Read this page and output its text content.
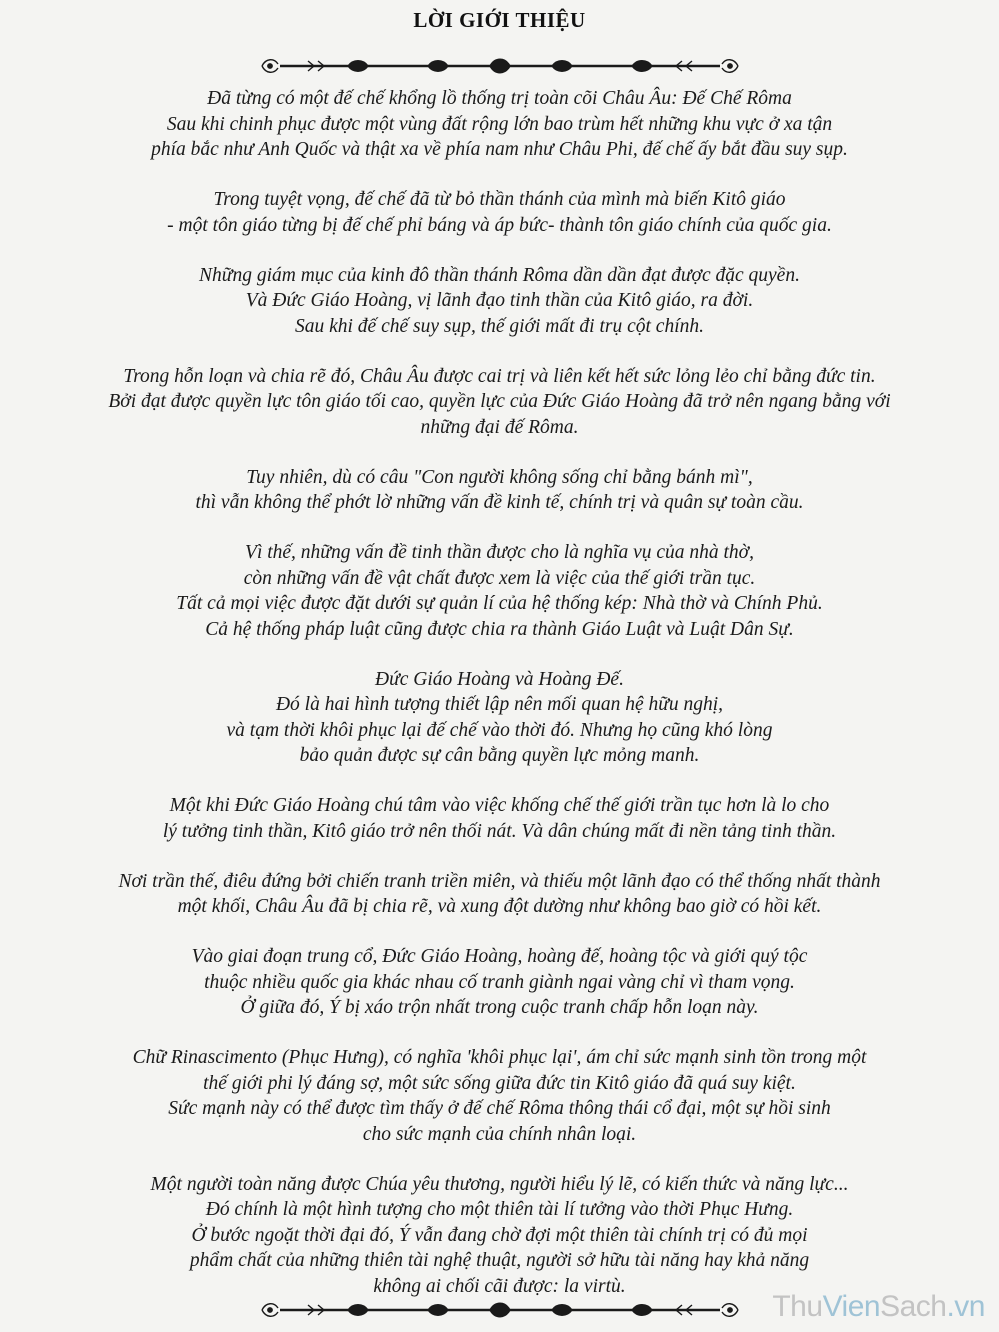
LỜI GIỚI THIỆU

Đã từng có một đế chế khổng lồ thống trị toàn cõi Châu Âu: Đế Chế Rôma
Sau khi chinh phục được một vùng đất rộng lớn bao trùm hết những khu vực ở xa tận
phía bắc như Anh Quốc và thật xa về phía nam như Châu Phi, đế chế ấy bắt đầu suy sụp.

Trong tuyệt vọng, đế chế đã từ bỏ thần thánh của mình mà biến Kitô giáo
- một tôn giáo từng bị đế chế phỉ báng và áp bức- thành tôn giáo chính của quốc gia.

Những giám mục của kinh đô thần thánh Rôma dần dần đạt được đặc quyền.
Và Đức Giáo Hoàng, vị lãnh đạo tinh thần của Kitô giáo, ra đời.
Sau khi đế chế suy sụp, thế giới mất đi trụ cột chính.

Trong hỗn loạn và chia rẽ đó, Châu Âu được cai trị và liên kết hết sức lỏng lẻo chỉ bằng đức tin.
Bởi đạt được quyền lực tôn giáo tối cao, quyền lực của Đức Giáo Hoàng đã trở nên ngang bằng với
những đại đế Rôma.

Tuy nhiên, dù có câu "Con người không sống chỉ bằng bánh mì",
thì vẫn không thể phớt lờ những vấn đề kinh tế, chính trị và quân sự toàn cầu.

Vì thế, những vấn đề tinh thần được cho là nghĩa vụ của nhà thờ,
còn những vấn đề vật chất được xem là việc của thế giới trần tục.
Tất cả mọi việc được đặt dưới sự quản lí của hệ thống kép: Nhà thờ và Chính Phủ.
Cả hệ thống pháp luật cũng được chia ra thành Giáo Luật và Luật Dân Sự.

Đức Giáo Hoàng và Hoàng Đế.
Đó là hai hình tượng thiết lập nên mối quan hệ hữu nghị,
và tạm thời khôi phục lại đế chế vào thời đó. Nhưng họ cũng khó lòng
bảo quản được sự cân bằng quyền lực mỏng manh.

Một khi Đức Giáo Hoàng chú tâm vào việc khống chế thế giới trần tục hơn là lo cho
lý tưởng tinh thần, Kitô giáo trở nên thối nát. Và dân chúng mất đi nền tảng tinh thần.

Nơi trần thế, điêu đứng bởi chiến tranh triền miên, và thiếu một lãnh đạo có thể thống nhất thành
một khối, Châu Âu đã bị chia rẽ, và xung đột dường như không bao giờ có hồi kết.

Vào giai đoạn trung cổ, Đức Giáo Hoàng, hoàng đế, hoàng tộc và giới quý tộc
thuộc nhiều quốc gia khác nhau cố tranh giành ngai vàng chỉ vì tham vọng.
Ở giữa đó, Ý bị xáo trộn nhất trong cuộc tranh chấp hỗn loạn này.

Chữ Rinascimento (Phục Hưng), có nghĩa 'khôi phục lại', ám chỉ sức mạnh sinh tồn trong một
thế giới phi lý đáng sợ, một sức sống giữa đức tin Kitô giáo đã quá suy kiệt.
Sức mạnh này có thể được tìm thấy ở đế chế Rôma thông thái cổ đại, một sự hồi sinh
cho sức mạnh của chính nhân loại.

Một người toàn năng được Chúa yêu thương, người hiểu lý lẽ, có kiến thức và năng lực...
Đó chính là một hình tượng cho một thiên tài lí tưởng vào thời Phục Hưng.
Ở bước ngoặt thời đại đó, Ý vẫn đang chờ đợi một thiên tài chính trị có đủ mọi
phẩm chất của những thiên tài nghệ thuật, người sở hữu tài năng hay khả năng
không ai chối cãi được: la virtù.

ThuVienSach.vn
